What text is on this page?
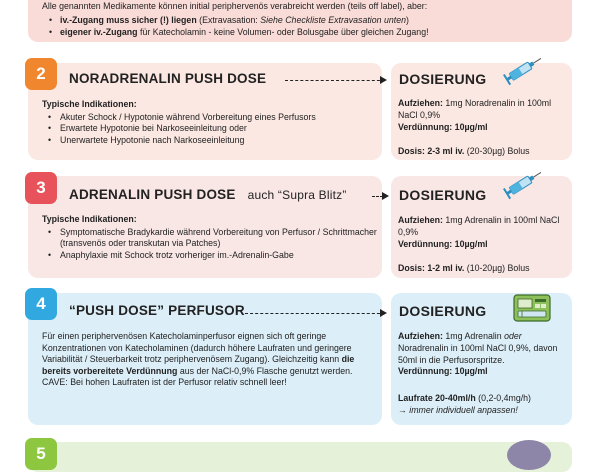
Alle genannten Medikamente können initial periphervenös verabreicht werden (teils off label), aber:

• iv.-Zugang muss sicher (!) liegen (Extravasation: Siehe Checkliste Extravasation unten)
• eigener iv.-Zugang für Katecholamin - keine Volumen- oder Bolusgabe über gleichen Zugang!
2	NORADRENALIN PUSH DOSE	DOSIERUNG
Typische Indikationen:
• Akuter Schock / Hypotonie während Vorbereitung eines Perfusors
• Erwartete Hypotonie bei Narkoseeinleitung oder
• Unerwartete Hypotonie nach Narkoseeinleitung
Aufziehen: 1mg Noradrenalin in 100ml NaCl 0,9%
Verdünnung: 10µg/ml
Dosis: 2-3 ml iv. (20-30µg) Bolus
3	ADRENALIN PUSH DOSE auch “Supra Blitz”	DOSIERUNG
Typische Indikationen:
• Symptomatische Bradykardie während Vorbereitung von Perfusor / Schrittmacher (transvenös oder transkutan via Patches)
• Anaphylaxie mit Schock trotz vorheriger im.-Adrenalin-Gabe
Aufziehen: 1mg Adrenalin in 100ml NaCl 0,9%
Verdünnung: 10µg/ml
Dosis: 1-2 ml iv. (10-20µg) Bolus
4	“PUSH DOSE” PERFUSOR	DOSIERUNG
Für einen periphervenösen Katecholaminperfusor eignen sich oft geringe Konzentrationen von Katecholaminen (dadurch höhere Laufraten und geringere Variabilität / Steuerbarkeit trotz periphervenösem Zugang). Gleichzeitig kann die bereits vorbereitete Verdünnung aus der NaCl-0,9% Flasche genutzt werden.
CAVE: Bei hohen Laufraten ist der Perfusor relativ schnell leer!
Aufziehen: 1mg Adrenalin oder Noradrenalin in 100ml NaCl 0,9%, davon 50ml in die Perfusorspritze.
Verdünnung: 10µg/ml
Laufrate 20-40ml/h (0,2-0,4mg/h)
→ immer individuell anpassen!
5
